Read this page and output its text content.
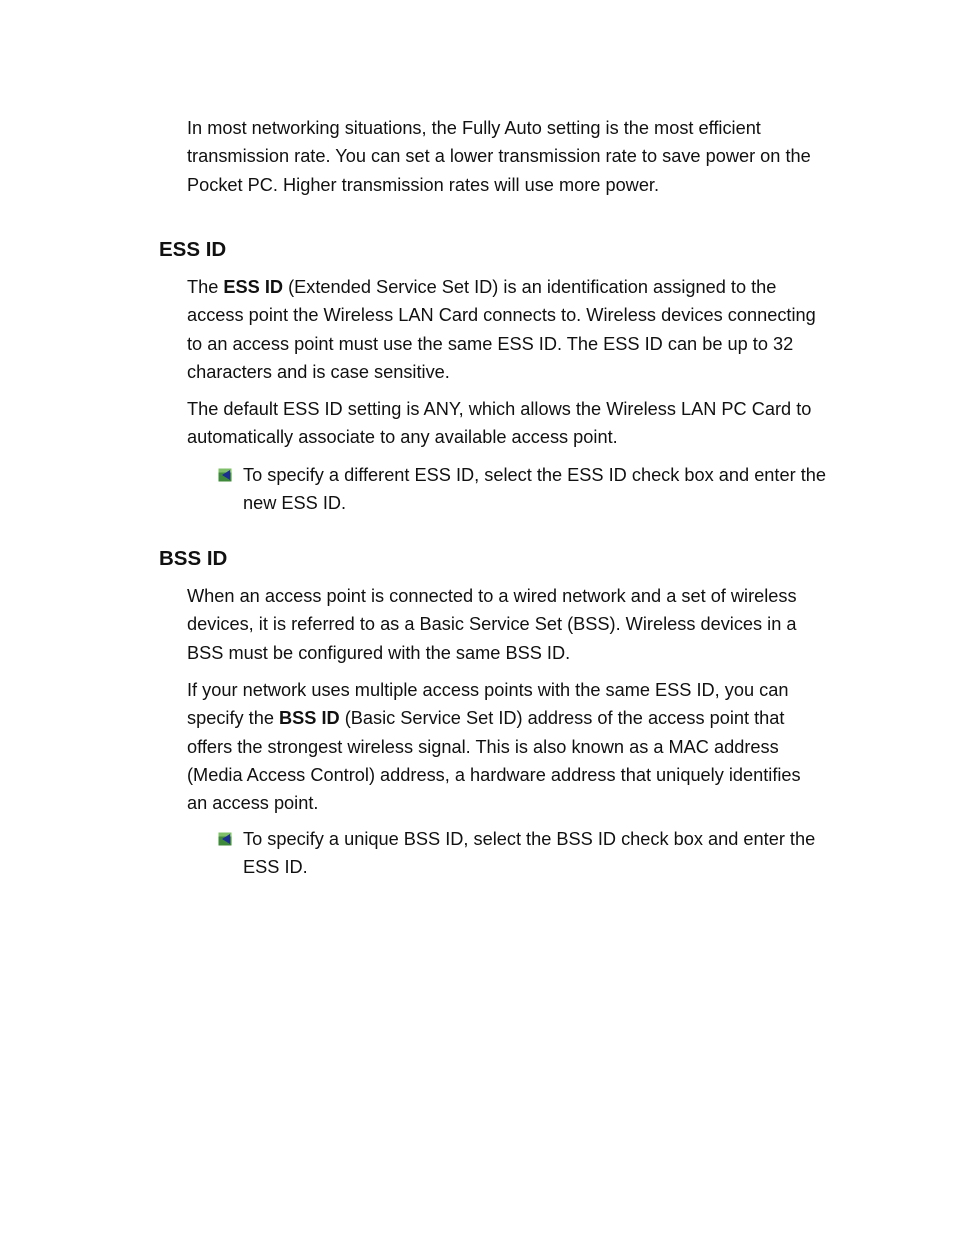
In most networking situations, the Fully Auto setting is the most efficient
transmission rate. You can set a lower transmission rate to save power on the
Pocket PC. Higher transmission rates will use more power.

ESS ID

The ESS ID (Extended Service Set ID) is an identification assigned to the
access point the Wireless LAN Card connects to. Wireless devices connecting
to an access point must use the same ESS ID. The ESS ID can be up to 32
characters and is case sensitive.

The default ESS ID setting is ANY, which allows the Wireless LAN PC Card to
automatically associate to any available access point.

To specify a different ESS ID, select the ESS ID check box and enter the
new ESS ID.
BSS ID

When an access point is connected to a wired network and a set of wireless
devices, it is referred to as a Basic Service Set (BSS). Wireless devices in a
BSS must be configured with the same BSS ID.

If your network uses multiple access points with the same ESS ID, you can
specify the BSS ID (Basic Service Set ID) address of the access point that
offers the strongest wireless signal. This is also known as a MAC address
(Media Access Control) address, a hardware address that uniquely identifies
an access point.

To specify a unique BSS ID, select the BSS ID check box and enter the
ESS ID.
